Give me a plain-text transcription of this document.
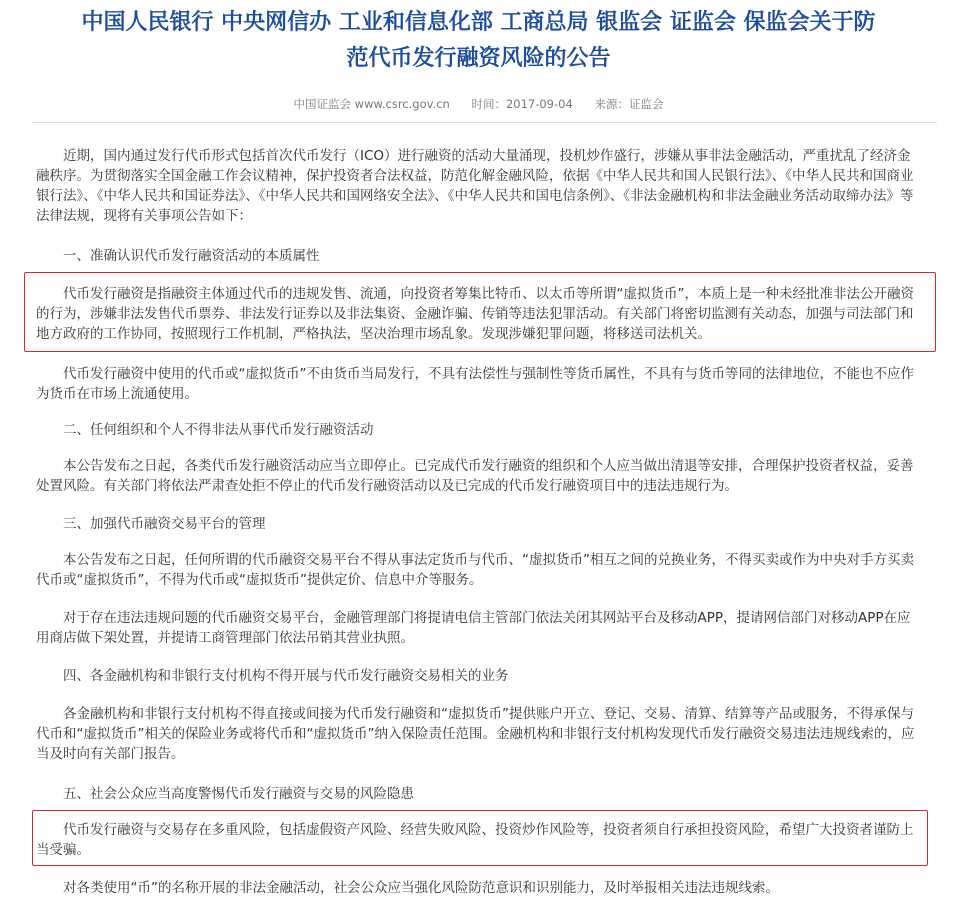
中国人民银行 中央网信办 工业和信息化部 工商总局 银监会 证监会 保监会关于防
范代币发行融资风险的公告
中国证监会 www.csrc.gov.cn 时间：2017-09-04 来源：证监会

近期，国内通过发行代币形式包括首次代币发行（ICO）进行融资的活动大量涌现，投机炒作盛行，涉嫌从事非法金融活动，严重扰乱了经济金融秩序。为贯彻落实全国金融工作会议精神，保护投资者合法权益，防范化解金融风险，依据《中华人民共和国人民银行法》、《中华人民共和国商业银行法》、《中华人民共和国证券法》、《中华人民共和国网络安全法》、《中华人民共和国电信条例》、《非法金融机构和非法金融业务活动取缔办法》等法律法规，现将有关事项公告如下：

一、准确认识代币发行融资活动的本质属性

代币发行融资是指融资主体通过代币的违规发售、流通，向投资者筹集比特币、以太币等所谓“虚拟货币”，本质上是一种未经批准非法公开融资的行为，涉嫌非法发售代币票券、非法发行证券以及非法集资、金融诈骗、传销等违法犯罪活动。有关部门将密切监测有关动态，加强与司法部门和地方政府的工作协同，按照现行工作机制，严格执法，坚决治理市场乱象。发现涉嫌犯罪问题，将移送司法机关。

代币发行融资中使用的代币或“虚拟货币”不由货币当局发行，不具有法偿性与强制性等货币属性，不具有与货币等同的法律地位，不能也不应作为货币在市场上流通使用。

二、任何组织和个人不得非法从事代币发行融资活动

本公告发布之日起，各类代币发行融资活动应当立即停止。已完成代币发行融资的组织和个人应当做出清退等安排，合理保护投资者权益，妥善处置风险。有关部门将依法严肃查处拒不停止的代币发行融资活动以及已完成的代币发行融资项目中的违法违规行为。

三、加强代币融资交易平台的管理

本公告发布之日起，任何所谓的代币融资交易平台不得从事法定货币与代币、“虚拟货币”相互之间的兑换业务，不得买卖或作为中央对手方买卖代币或“虚拟货币”，不得为代币或“虚拟货币”提供定价、信息中介等服务。

对于存在违法违规问题的代币融资交易平台，金融管理部门将提请电信主管部门依法关闭其网站平台及移动APP，提请网信部门对移动APP在应用商店做下架处置，并提请工商管理部门依法吊销其营业执照。

四、各金融机构和非银行支付机构不得开展与代币发行融资交易相关的业务

各金融机构和非银行支付机构不得直接或间接为代币发行融资和“虚拟货币”提供账户开立、登记、交易、清算、结算等产品或服务，不得承保与代币和“虚拟货币”相关的保险业务或将代币和“虚拟货币”纳入保险责任范围。金融机构和非银行支付机构发现代币发行融资交易违法违规线索的，应当及时向有关部门报告。

五、社会公众应当高度警惕代币发行融资与交易的风险隐患

代币发行融资与交易存在多重风险，包括虚假资产风险、经营失败风险、投资炒作风险等，投资者须自行承担投资风险，希望广大投资者谨防上当受骗。

对各类使用“币”的名称开展的非法金融活动，社会公众应当强化风险防范意识和识别能力，及时举报相关违法违规线索。
